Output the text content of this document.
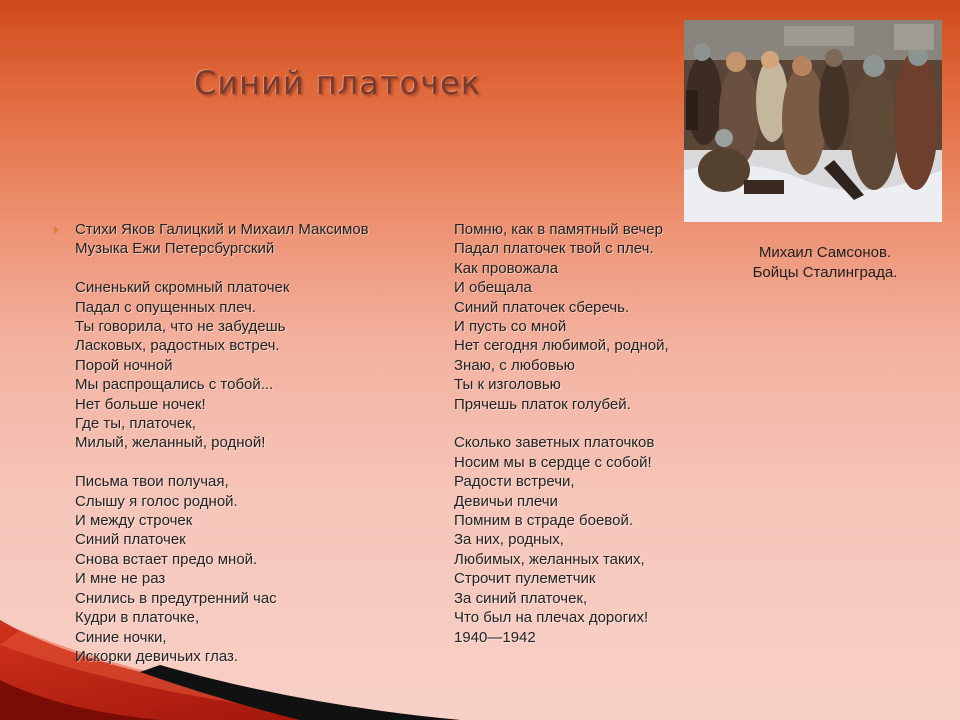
Синий платочек
Михаил Самсонов.
Бойцы Сталинграда.
Стихи Яков Галицкий и Михаил Максимов
Музыка Ежи Петерсбургский
Синенький скромный платочек
Падал с опущенных плеч.
Ты говорила, что не забудешь
Ласковых, радостных встреч.
Порой ночной
Мы распрощались с тобой...
Нет больше ночек!
Где ты, платочек,
Милый, желанный, родной!
Письма твои получая,
Слышу я голос родной.
И между строчек
Синий платочек
Снова встает предо мной.
И мне не раз
Снились в предутренний час
Кудри в платочке,
Синие ночки,
Искорки девичьих глаз.
Помню, как в памятный вечер
Падал платочек твой с плеч.
Как провожала
И обещала
Синий платочек сберечь.
И пусть со мной
Нет сегодня любимой, родной,
Знаю, с любовью
Ты к изголовью
Прячешь платок голубей.
Сколько заветных платочков
Носим мы в сердце с собой!
Радости встречи,
Девичьи плечи
Помним в страде боевой.
За них, родных,
Любимых, желанных таких,
Строчит пулеметчик
За синий платочек,
Что был на плечах дорогих!
1940—1942
